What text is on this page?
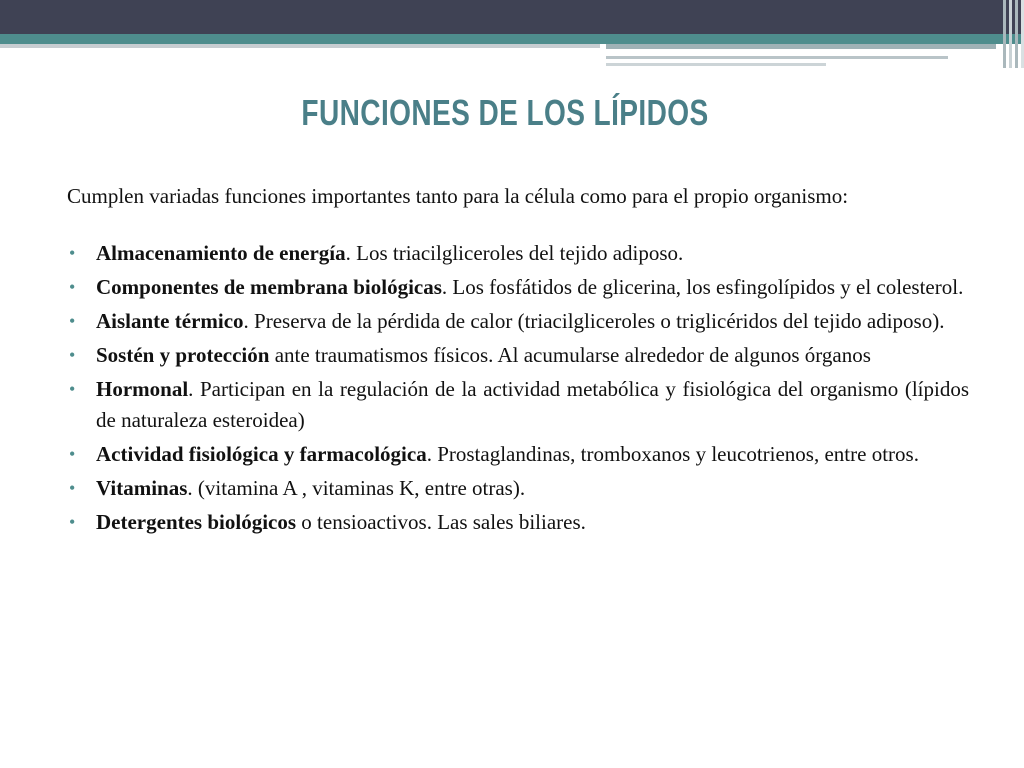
FUNCIONES DE LOS LÍPIDOS

Cumplen variadas funciones importantes tanto para la célula como para el propio organismo:

• Almacenamiento de energía. Los triacilgliceroles del tejido adiposo.
• Componentes de membrana biológicas. Los fosfátidos de glicerina, los esfingolípidos y el colesterol.
• Aislante térmico. Preserva de la pérdida de calor (triacilgliceroles o triglicéridos del tejido adiposo).
• Sostén y protección ante traumatismos físicos. Al acumularse alrededor de algunos órganos
• Hormonal. Participan en la regulación de la actividad metabólica y fisiológica del organismo (lípidos de naturaleza esteroidea)
• Actividad fisiológica y farmacológica. Prostaglandinas, tromboxanos y leucotrienos, entre otros.
• Vitaminas. (vitamina A , vitaminas K, entre otras).
• Detergentes biológicos o tensioactivos. Las sales biliares.
